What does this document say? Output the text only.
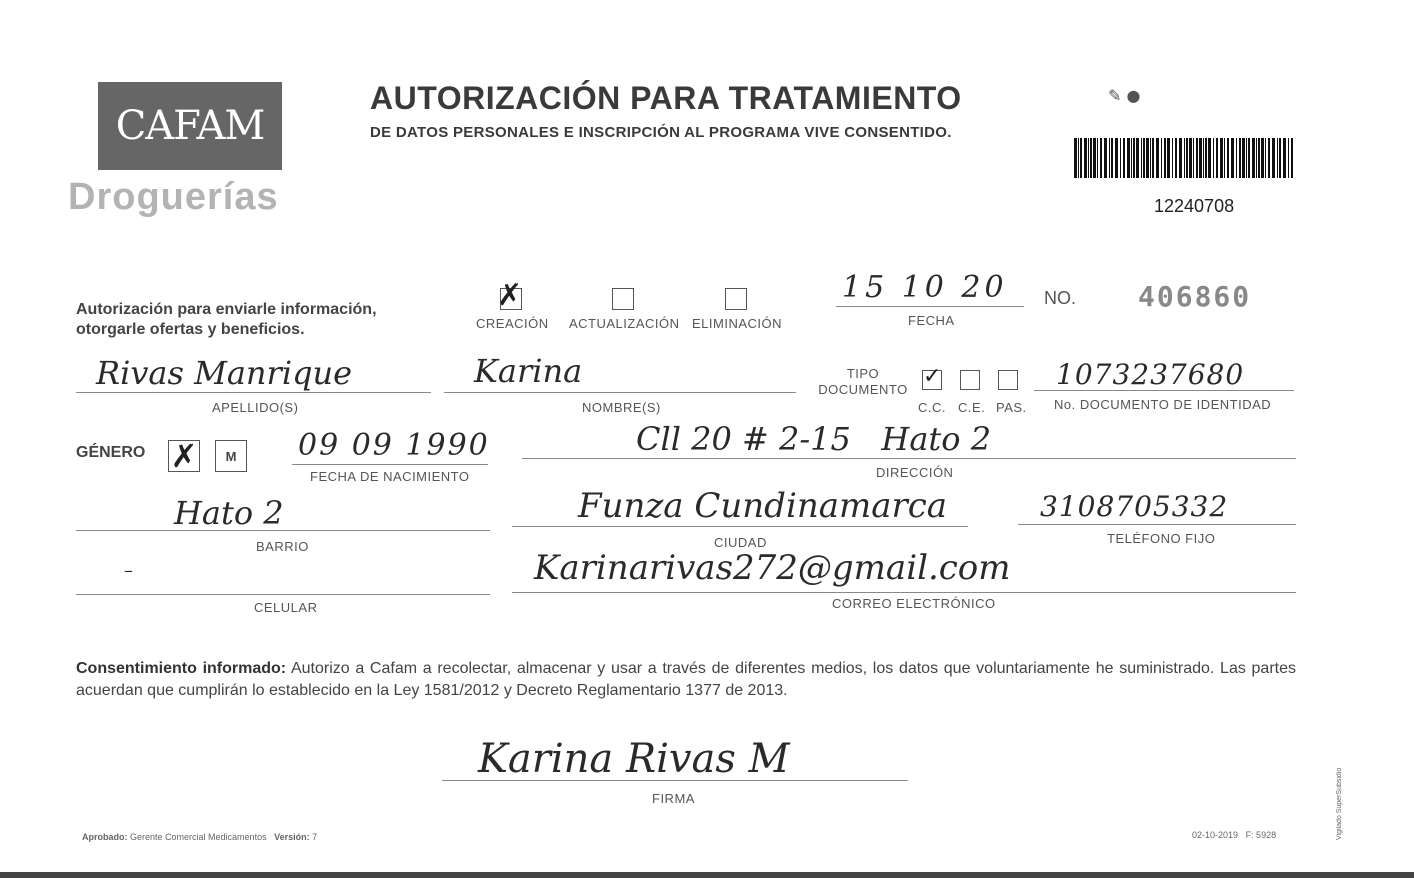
CAFAM
Droguerías
AUTORIZACIÓN PARA TRATAMIENTO
DE DATOS PERSONALES E INSCRIPCIÓN AL PROGRAMA VIVE CONSENTIDO.
✎ ●
12240708
Autorización para enviarle información, otorgarle ofertas y beneficios.
✗
CREACIÓN ACTUALIZACIÓN ELIMINACIÓN
15 10 20
FECHA
NO. 406860
Rivas Manrique
APELLIDO(S)
Karina
NOMBRE(S)
TIPO DOCUMENTO
✓
C.C. C.E. PAS.
1073237680
No. DOCUMENTO DE IDENTIDAD
GÉNERO ✗ M 09 09 1990
FECHA DE NACIMIENTO
Cll 20 # 2-15   Hato 2
DIRECCIÓN
Hato 2
BARRIO
Funza Cundinamarca
CIUDAD
3108705332
TELÉFONO FIJO
–
CELULAR
Karinarivas272@gmail.com
CORREO ELECTRÓNICO
Consentimiento informado: Autorizo a Cafam a recolectar, almacenar y usar a través de diferentes medios, los datos que voluntariamente he suministrado. Las partes acuerdan que cumplirán lo establecido en la Ley 1581/2012 y Decreto Reglamentario 1377 de 2013.
Karina Rivas M
FIRMA
Aprobado: Gerente Comercial Medicamentos Versión: 7	02-10-2019 F: 5928	Vigilado SuperSubsidio
